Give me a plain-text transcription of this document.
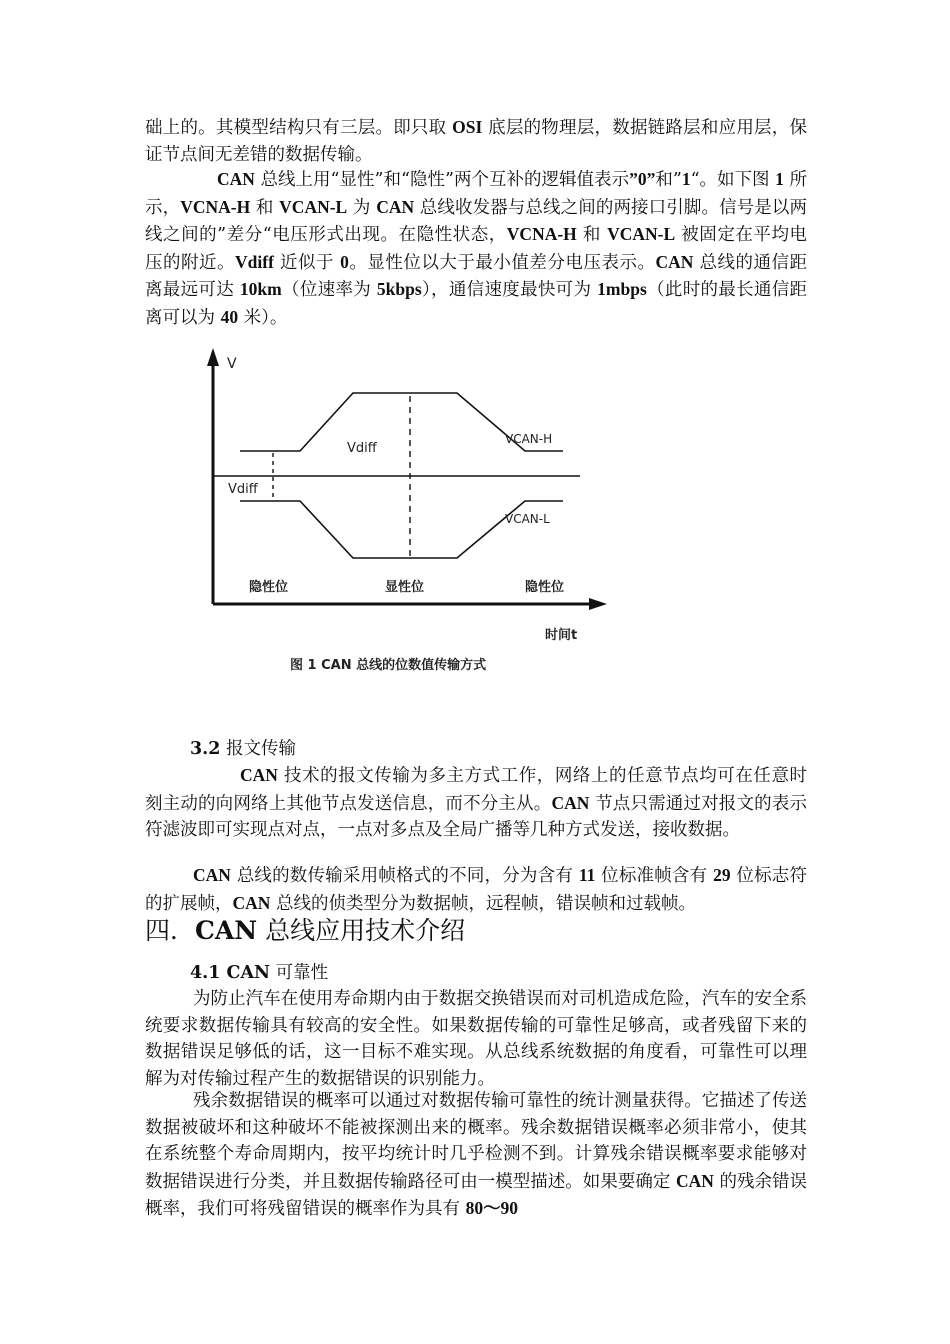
础上的。其模型结构只有三层。即只取 OSI 底层的物理层，数据链路层和应用层，保证节点间无差错的数据传输。

CAN 总线上用“显性”和“隐性”两个互补的逻辑值表示”0”和”1“。如下图 1 所示，VCNA-H 和 VCAN-L 为 CAN 总线收发器与总线之间的两接口引脚。信号是以两线之间的”差分“电压形式出现。在隐性状态，VCNA-H 和 VCAN-L 被固定在平均电压的附近。Vdiff 近似于 0。显性位以大于最小值差分电压表示。CAN 总线的通信距离最远可达 10km（位速率为 5kbps），通信速度最快可为 1mbps（此时的最长通信距离可以为 40 米）。

V
Vdiff
Vdiff
VCAN-H
VCAN-L
隐性位	显性位	隐性位
时间t
图 1 CAN 总线的位数值传输方式
3.2 报文传输

CAN 技术的报文传输为多主方式工作，网络上的任意节点均可在任意时刻主动的向网络上其他节点发送信息，而不分主从。CAN 节点只需通过对报文的表示符滤波即可实现点对点，一点对多点及全局广播等几种方式发送，接收数据。

CAN 总线的数传输采用帧格式的不同，分为含有 11 位标准帧含有 29 位标志符的扩展帧，CAN 总线的侦类型分为数据帧，远程帧，错误帧和过载帧。

四．CAN 总线应用技术介绍
4.1 CAN 可靠性

为防止汽车在使用寿命期内由于数据交换错误而对司机造成危险，汽车的安全系统要求数据传输具有较高的安全性。如果数据传输的可靠性足够高，或者残留下来的数据错误足够低的话，这一目标不难实现。从总线系统数据的角度看，可靠性可以理解为对传输过程产生的数据错误的识别能力。

残余数据错误的概率可以通过对数据传输可靠性的统计测量获得。它描述了传送数据被破坏和这种破坏不能被探测出来的概率。残余数据错误概率必须非常小，使其在系统整个寿命周期内，按平均统计时几乎检测不到。计算残余错误概率要求能够对数据错误进行分类，并且数据传输路径可由一模型描述。如果要确定 CAN 的残余错误概率，我们可将残留错误的概率作为具有 80～90
